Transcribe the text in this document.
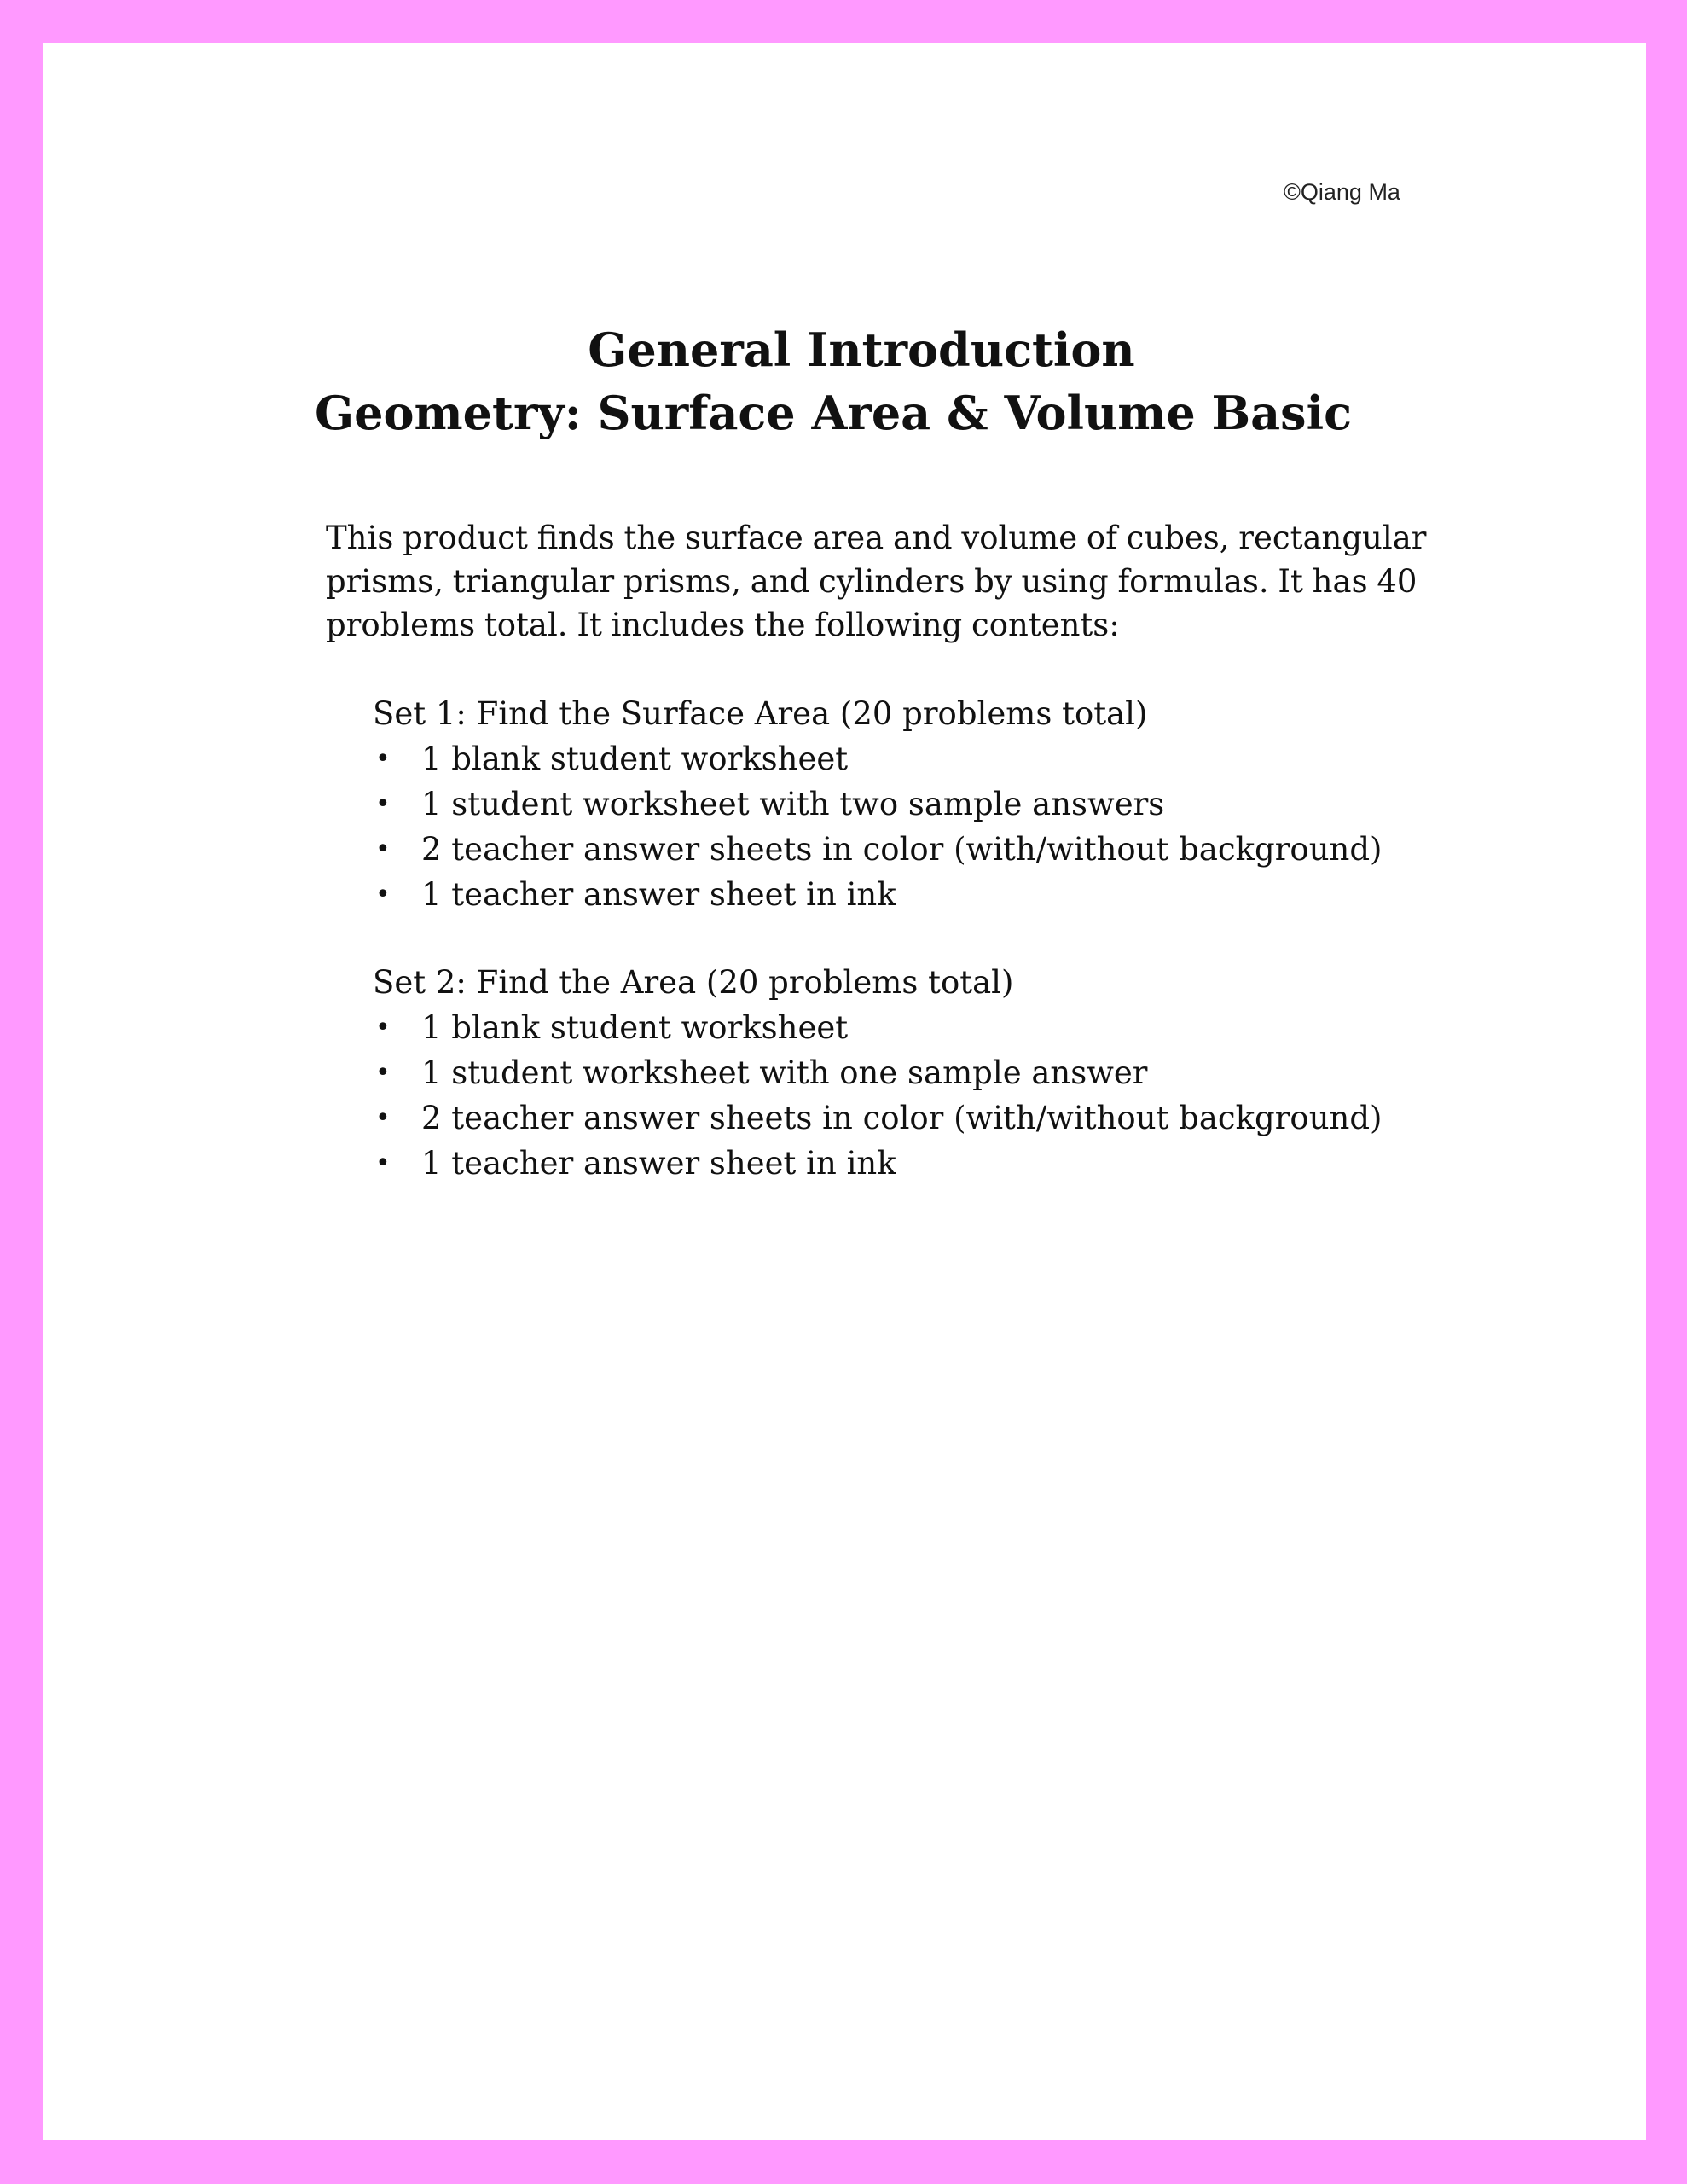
©Qiang Ma
General Introduction
Geometry: Surface Area & Volume Basic
This product finds the surface area and volume of cubes, rectangular prisms, triangular prisms, and cylinders by using formulas. It has 40 problems total. It includes the following contents:
Set 1: Find the Surface Area (20 problems total)
• 1 blank student worksheet
• 1 student worksheet with two sample answers
• 2 teacher answer sheets in color (with/without background)
• 1 teacher answer sheet in ink
Set 2: Find the Area (20 problems total)
• 1 blank student worksheet
• 1 student worksheet with one sample answer
• 2 teacher answer sheets in color (with/without background)
• 1 teacher answer sheet in ink
